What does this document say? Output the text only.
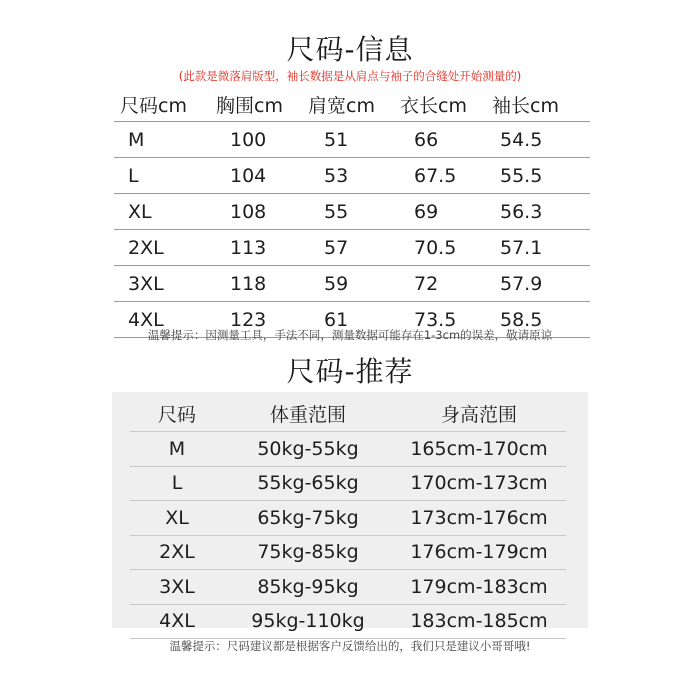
尺码-信息
(此款是微落肩版型，袖长数据是从肩点与袖子的合缝处开始测量的)
尺码cm	胸围cm	肩宽cm	衣长cm	袖长cm
M	100	51	66	54.5
L	104	53	67.5	55.5
XL	108	55	69	56.3
2XL	113	57	70.5	57.1
3XL	118	59	72	57.9
4XL	123	61	73.5	58.5
温馨提示：因测量工具，手法不同，测量数据可能存在1-3cm的误差，敬请原谅
尺码-推荐
尺码	体重范围	身高范围
M	50kg-55kg	165cm-170cm
L	55kg-65kg	170cm-173cm
XL	65kg-75kg	173cm-176cm
2XL	75kg-85kg	176cm-179cm
3XL	85kg-95kg	179cm-183cm
4XL	95kg-110kg	183cm-185cm
温馨提示：尺码建议都是根据客户反馈给出的，我们只是建议小哥哥哦!
